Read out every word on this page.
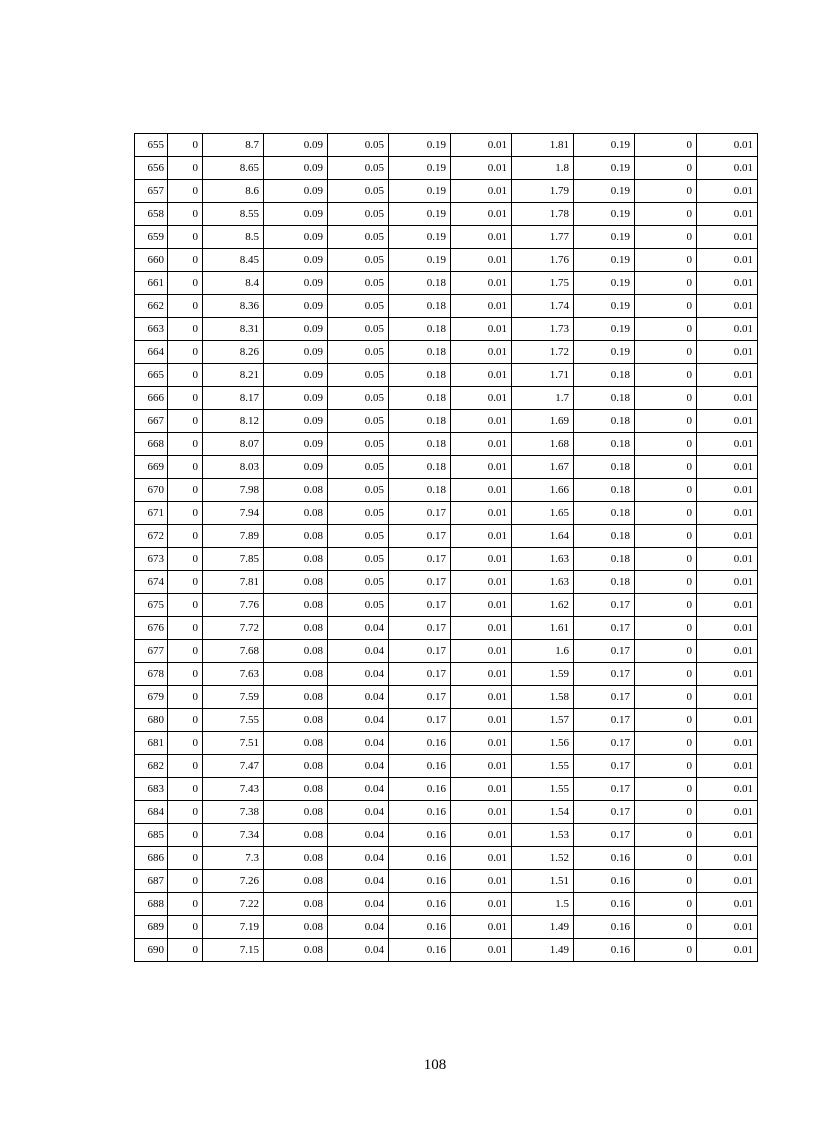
655	0	8.7	0.09	0.05	0.19	0.01	1.81	0.19	0	0.01
656	0	8.65	0.09	0.05	0.19	0.01	1.8	0.19	0	0.01
657	0	8.6	0.09	0.05	0.19	0.01	1.79	0.19	0	0.01
658	0	8.55	0.09	0.05	0.19	0.01	1.78	0.19	0	0.01
659	0	8.5	0.09	0.05	0.19	0.01	1.77	0.19	0	0.01
660	0	8.45	0.09	0.05	0.19	0.01	1.76	0.19	0	0.01
661	0	8.4	0.09	0.05	0.18	0.01	1.75	0.19	0	0.01
662	0	8.36	0.09	0.05	0.18	0.01	1.74	0.19	0	0.01
663	0	8.31	0.09	0.05	0.18	0.01	1.73	0.19	0	0.01
664	0	8.26	0.09	0.05	0.18	0.01	1.72	0.19	0	0.01
665	0	8.21	0.09	0.05	0.18	0.01	1.71	0.18	0	0.01
666	0	8.17	0.09	0.05	0.18	0.01	1.7	0.18	0	0.01
667	0	8.12	0.09	0.05	0.18	0.01	1.69	0.18	0	0.01
668	0	8.07	0.09	0.05	0.18	0.01	1.68	0.18	0	0.01
669	0	8.03	0.09	0.05	0.18	0.01	1.67	0.18	0	0.01
670	0	7.98	0.08	0.05	0.18	0.01	1.66	0.18	0	0.01
671	0	7.94	0.08	0.05	0.17	0.01	1.65	0.18	0	0.01
672	0	7.89	0.08	0.05	0.17	0.01	1.64	0.18	0	0.01
673	0	7.85	0.08	0.05	0.17	0.01	1.63	0.18	0	0.01
674	0	7.81	0.08	0.05	0.17	0.01	1.63	0.18	0	0.01
675	0	7.76	0.08	0.05	0.17	0.01	1.62	0.17	0	0.01
676	0	7.72	0.08	0.04	0.17	0.01	1.61	0.17	0	0.01
677	0	7.68	0.08	0.04	0.17	0.01	1.6	0.17	0	0.01
678	0	7.63	0.08	0.04	0.17	0.01	1.59	0.17	0	0.01
679	0	7.59	0.08	0.04	0.17	0.01	1.58	0.17	0	0.01
680	0	7.55	0.08	0.04	0.17	0.01	1.57	0.17	0	0.01
681	0	7.51	0.08	0.04	0.16	0.01	1.56	0.17	0	0.01
682	0	7.47	0.08	0.04	0.16	0.01	1.55	0.17	0	0.01
683	0	7.43	0.08	0.04	0.16	0.01	1.55	0.17	0	0.01
684	0	7.38	0.08	0.04	0.16	0.01	1.54	0.17	0	0.01
685	0	7.34	0.08	0.04	0.16	0.01	1.53	0.17	0	0.01
686	0	7.3	0.08	0.04	0.16	0.01	1.52	0.16	0	0.01
687	0	7.26	0.08	0.04	0.16	0.01	1.51	0.16	0	0.01
688	0	7.22	0.08	0.04	0.16	0.01	1.5	0.16	0	0.01
689	0	7.19	0.08	0.04	0.16	0.01	1.49	0.16	0	0.01
690	0	7.15	0.08	0.04	0.16	0.01	1.49	0.16	0	0.01
108
